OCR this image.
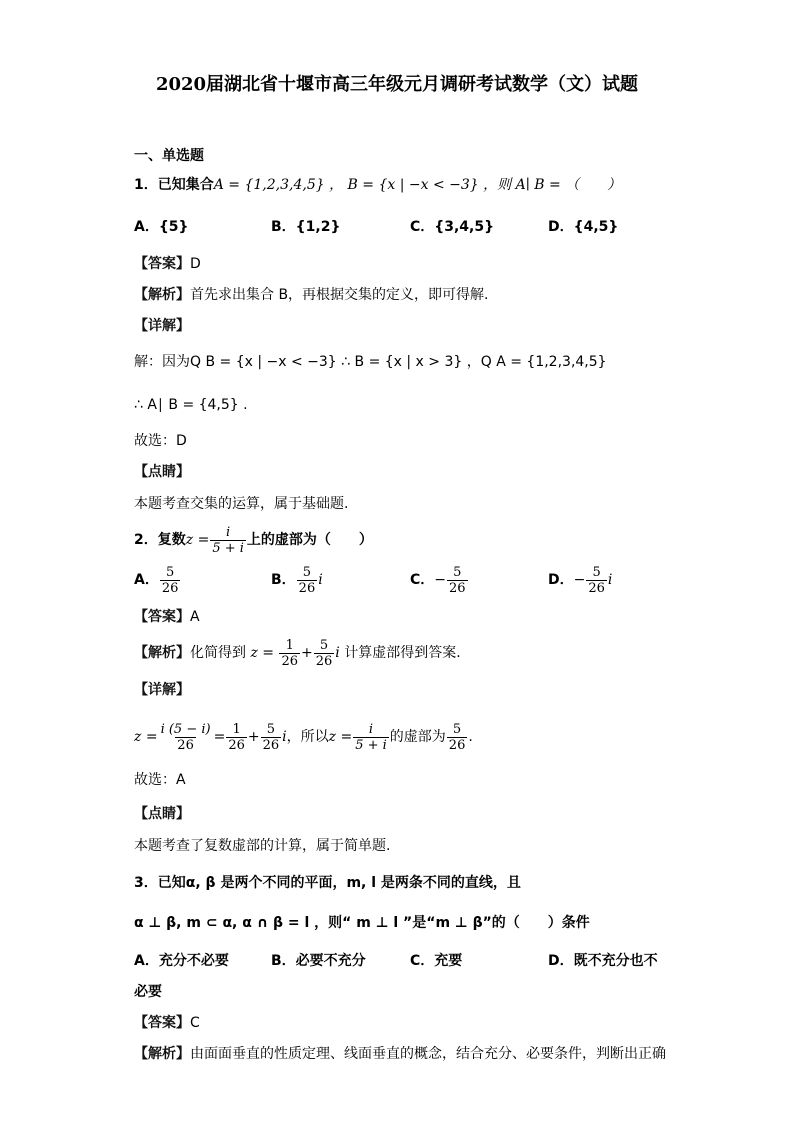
2020届湖北省十堰市高三年级元月调研考试数学（文）试题
一、单选题
1．已知集合A = {1,2,3,4,5} ， B = {x | −x < −3} ，则 A∣ B = （　　）
A．{5}	B．{1,2}	C．{3,4,5}	D．{4,5}
【答案】D
【解析】首先求出集合 B，再根据交集的定义，即可得解.
【详解】
解：因为Q B = {x | −x < −3} ∴ B = {x | x > 3} ，Q A = {1,2,3,4,5}
∴ A∣ B = {4,5} .
故选：D
【点睛】
本题考查交集的运算，属于基础题.
2．复数 $z = \frac{i}{5 + i}$ 上的虚部为（　　）
A． $\frac{5}{26}$	B． $\frac{5}{26}$ i	C． − $\frac{5}{26}$	D． − $\frac{5}{26}$ i
【答案】A
【解析】 化简得到 $z = \frac{1}{26} + \frac{5}{26}$ i 计算虚部得到答案.
【详解】
$z = \frac{i (5 - i)}{26} = \frac{1}{26} + \frac{5}{26}$ i ，所以 $z = \frac{i}{5 + i}$ 的虚部为 $\frac{5}{26}$ .
故选：A
【点睛】
本题考查了复数虚部的计算，属于简单题.
3．已知α, β 是两个不同的平面，m, l 是两条不同的直线，且
α ⊥ β, m ⊂ α, α ∩ β = l ，则“ m ⊥ l ”是“m ⊥ β”的（　　）条件
A．充分不必要	B．必要不充分	C．充要	D．既不充分也不
必要
【答案】C
【解析】由面面垂直的性质定理、线面垂直的概念，结合充分、必要条件，判断出正确
